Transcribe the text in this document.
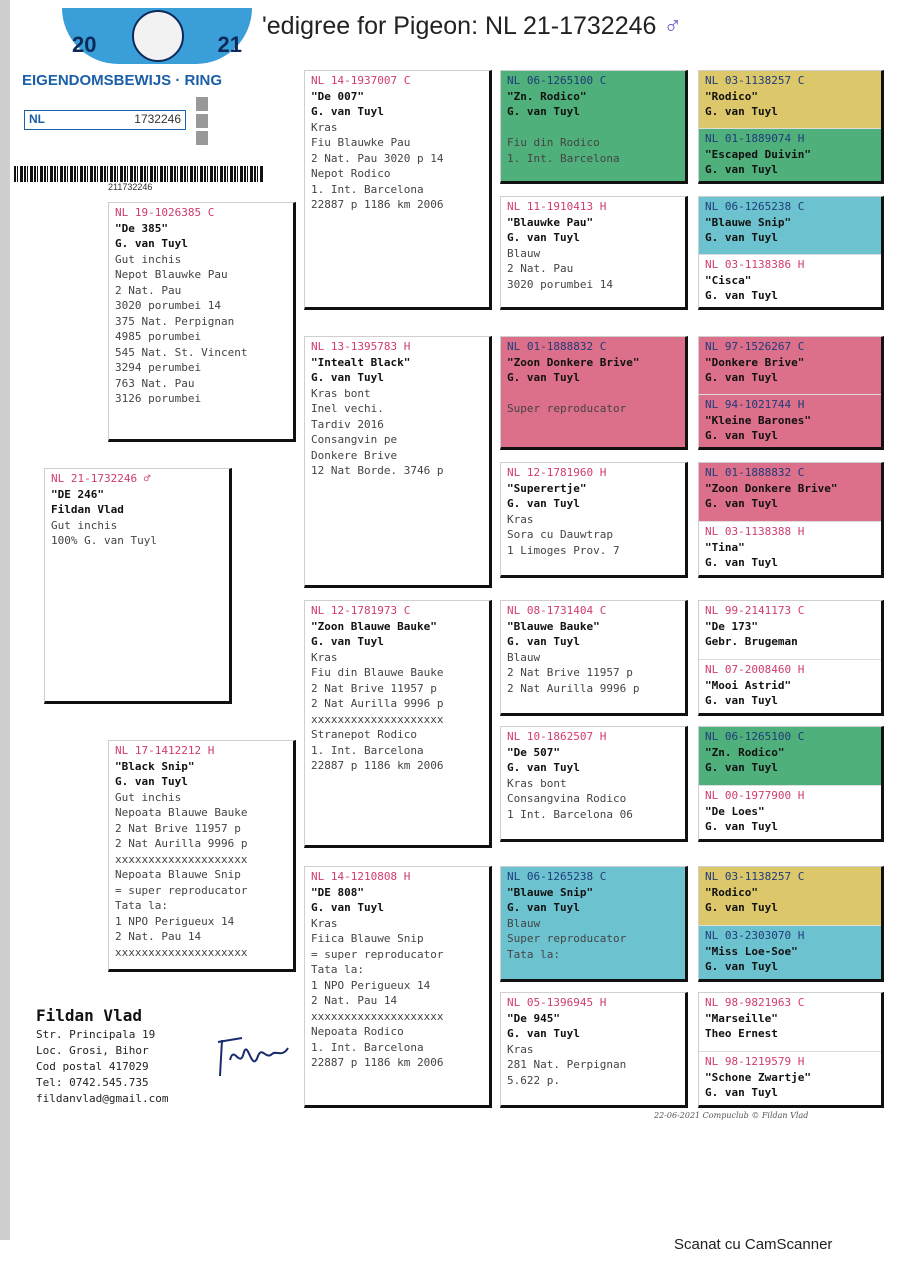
'edigree for Pigeon: NL 21-1732246 ♂
20	21
EIGENDOMSBEWIJS · RING
NL	1732246
211732246
NL 21-1732246 ♂
"DE 246"
Fildan Vlad
Gut inchis
100% G. van Tuyl
NL 19-1026385 C
"De 385"
G. van Tuyl
Gut inchis
Nepot Blauwke Pau
2 Nat. Pau
3020 porumbei 14
375 Nat. Perpignan
4985 porumbei
545 Nat. St. Vincent
3294 perumbei
763 Nat. Pau
3126 porumbei
NL 17-1412212 H
"Black Snip"
G. van Tuyl
Gut inchis
Nepoata Blauwe Bauke
2 Nat Brive 11957 p
2 Nat Aurilla 9996 p
xxxxxxxxxxxxxxxxxxxx
Nepoata Blauwe Snip
= super reproducator
Tata la:
1 NPO Perigueux 14
2 Nat. Pau 14
xxxxxxxxxxxxxxxxxxxx
NL 14-1937007 C
"De 007"
G. van Tuyl
Kras
Fiu Blauwke Pau
2 Nat. Pau 3020 p 14
Nepot Rodico
1. Int. Barcelona
22887 p 1186 km 2006
NL 13-1395783 H
"Intealt Black"
G. van Tuyl
Kras bont
Inel vechi.
Tardiv 2016
Consangvin pe
Donkere Brive
12 Nat Borde. 3746 p
NL 12-1781973 C
"Zoon Blauwe Bauke"
G. van Tuyl
Kras
Fiu din Blauwe Bauke
2 Nat Brive 11957 p
2 Nat Aurilla 9996 p
xxxxxxxxxxxxxxxxxxxx
Stranepot Rodico
1. Int. Barcelona
22887 p 1186 km 2006
NL 14-1210808 H
"DE 808"
G. van Tuyl
Kras
Fiica Blauwe Snip
= super reproducator
Tata la:
1 NPO Perigueux 14
2 Nat. Pau 14
xxxxxxxxxxxxxxxxxxxx
Nepoata Rodico
1. Int. Barcelona
22887 p 1186 km 2006
NL 06-1265100 C
"Zn. Rodico"
G. van Tuyl

Fiu din Rodico
1. Int. Barcelona
NL 11-1910413 H
"Blauwke Pau"
G. van Tuyl
Blauw
2 Nat. Pau
3020 porumbei 14
NL 01-1888832 C
"Zoon Donkere Brive"
G. van Tuyl

Super reproducator
NL 12-1781960 H
"Superertje"
G. van Tuyl
Kras
Sora cu Dauwtrap
1 Limoges Prov. 7
NL 08-1731404 C
"Blauwe Bauke"
G. van Tuyl
Blauw
2 Nat Brive 11957 p
2 Nat Aurilla 9996 p
NL 10-1862507 H
"De 507"
G. van Tuyl
Kras bont
Consangvina Rodico
1 Int. Barcelona 06
NL 06-1265238 C
"Blauwe Snip"
G. van Tuyl
Blauw
Super reproducator
Tata la:
NL 05-1396945 H
"De 945"
G. van Tuyl
Kras
281 Nat. Perpignan
5.622 p.
NL 03-1138257 C
"Rodico"
G. van Tuyl
NL 01-1889074 H
"Escaped Duivin"
G. van Tuyl
NL 06-1265238 C
"Blauwe Snip"
G. van Tuyl
NL 03-1138386 H
"Cisca"
G. van Tuyl
NL 97-1526267 C
"Donkere Brive"
G. van Tuyl
NL 94-1021744 H
"Kleine Barones"
G. van Tuyl
NL 01-1888832 C
"Zoon Donkere Brive"
G. van Tuyl
NL 03-1138388 H
"Tina"
G. van Tuyl
NL 99-2141173 C
"De 173"
Gebr. Brugeman
NL 07-2008460 H
"Mooi Astrid"
G. van Tuyl
NL 06-1265100 C
"Zn. Rodico"
G. van Tuyl
NL 00-1977900 H
"De Loes"
G. van Tuyl
NL 03-1138257 C
"Rodico"
G. van Tuyl
NL 03-2303070 H
"Miss Loe-Soe"
G. van Tuyl
NL 98-9821963 C
"Marseille"
Theo Ernest
NL 98-1219579 H
"Schone Zwartje"
G. van Tuyl
Fildan Vlad
Str. Principala 19
Loc. Grosi, Bihor
Cod postal 417029
Tel: 0742.545.735
fildanvlad@gmail.com
22-06-2021 Compuclub © Fildan Vlad
Scanat cu CamScanner
